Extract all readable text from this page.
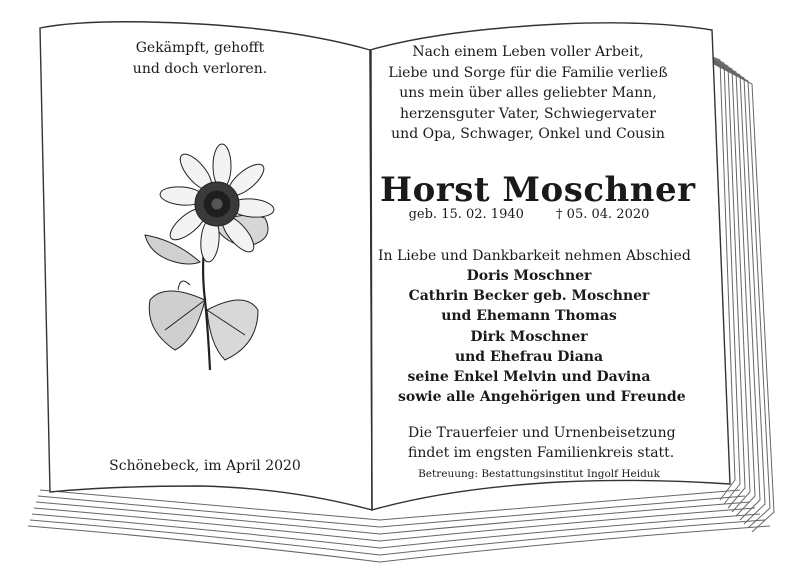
Gekämpft, gehofft
und doch verloren.
Schönebeck, im April 2020
Nach einem Leben voller Arbeit,
Liebe und Sorge für die Familie verließ
uns mein über alles geliebter Mann,
herzensguter Vater, Schwiegervater
und Opa, Schwager, Onkel und Cousin
Horst Moschner
geb. 15. 02. 1940 † 05. 04. 2020
In Liebe und Dankbarkeit nehmen Abschied
Doris Moschner
Cathrin Becker geb. Moschner
und Ehemann Thomas
Dirk Moschner
und Ehefrau Diana
seine Enkel Melvin und Davina
sowie alle Angehörigen und Freunde
Die Trauerfeier und Urnenbeisetzung
findet im engsten Familienkreis statt.
Betreuung: Bestattungsinstitut Ingolf Heiduk
